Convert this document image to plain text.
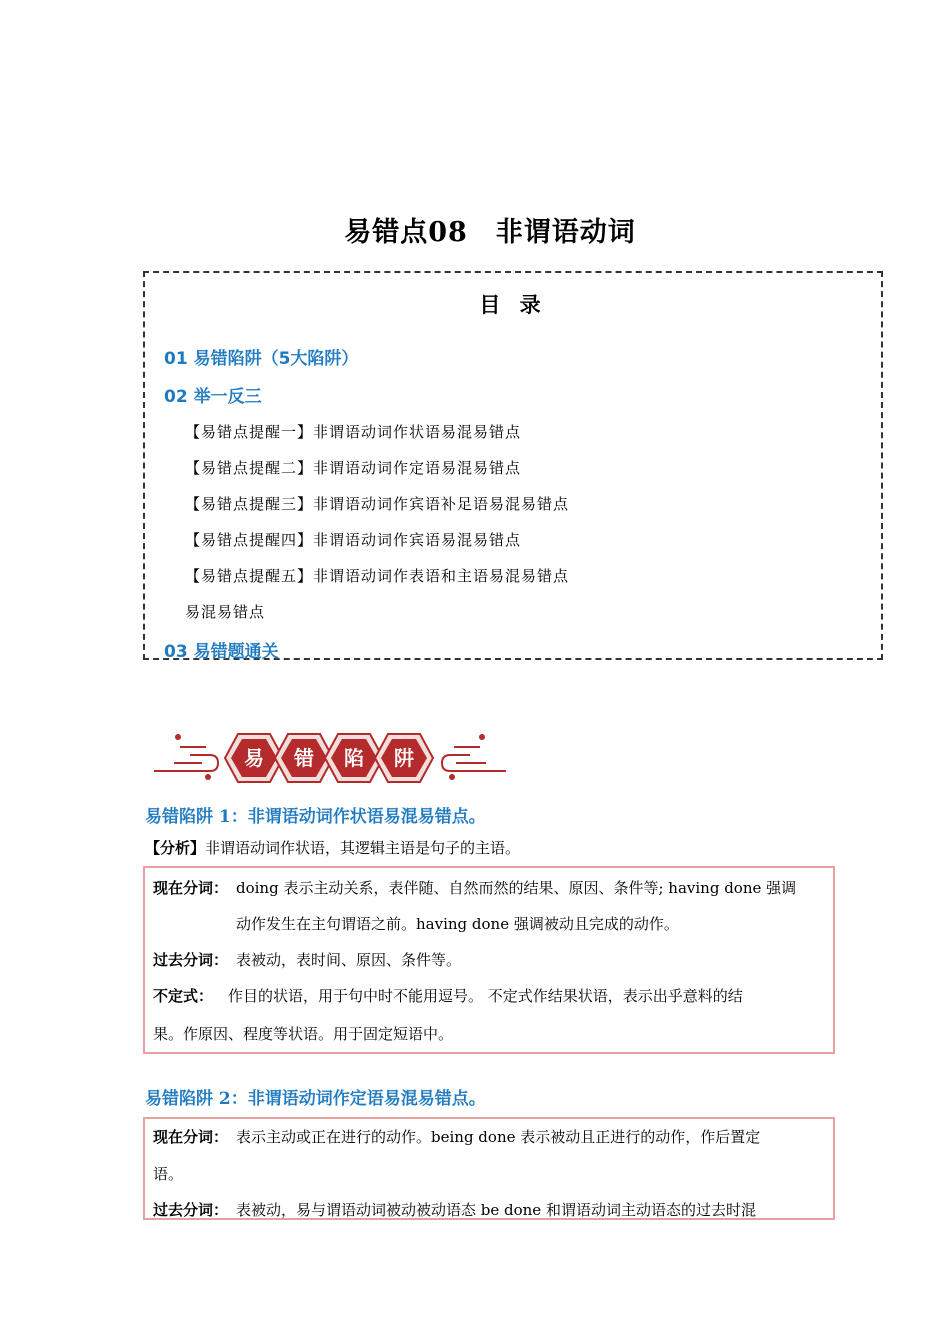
易错点08　非谓语动词
目 录
01 易错陷阱（5大陷阱）
02 举一反三
【易错点提醒一】非谓语动词作状语易混易错点
【易错点提醒二】非谓语动词作定语易混易错点
【易错点提醒三】非谓语动词作宾语补足语易混易错点
【易错点提醒四】非谓语动词作宾语易混易错点
【易错点提醒五】非谓语动词作表语和主语易混易错点
易混易错点
03 易错题通关
易 错 陷 阱
易错陷阱 1：非谓语动词作状语易混易错点。
【分析】非谓语动词作状语，其逻辑主语是句子的主语。
现在分词： doing 表示主动关系，表伴随、自然而然的结果、原因、条件等; having done 强调
动作发生在主句谓语之前。having done 强调被动且完成的动作。
过去分词： 表被动，表时间、原因、条件等。
不定式： 作目的状语，用于句中时不能用逗号。 不定式作结果状语，表示出乎意料的结
果。作原因、程度等状语。用于固定短语中。
易错陷阱 2：非谓语动词作定语易混易错点。
现在分词： 表示主动或正在进行的动作。being done 表示被动且正进行的动作，作后置定
语。
过去分词： 表被动，易与谓语动词被动被动语态 be done 和谓语动词主动语态的过去时混
